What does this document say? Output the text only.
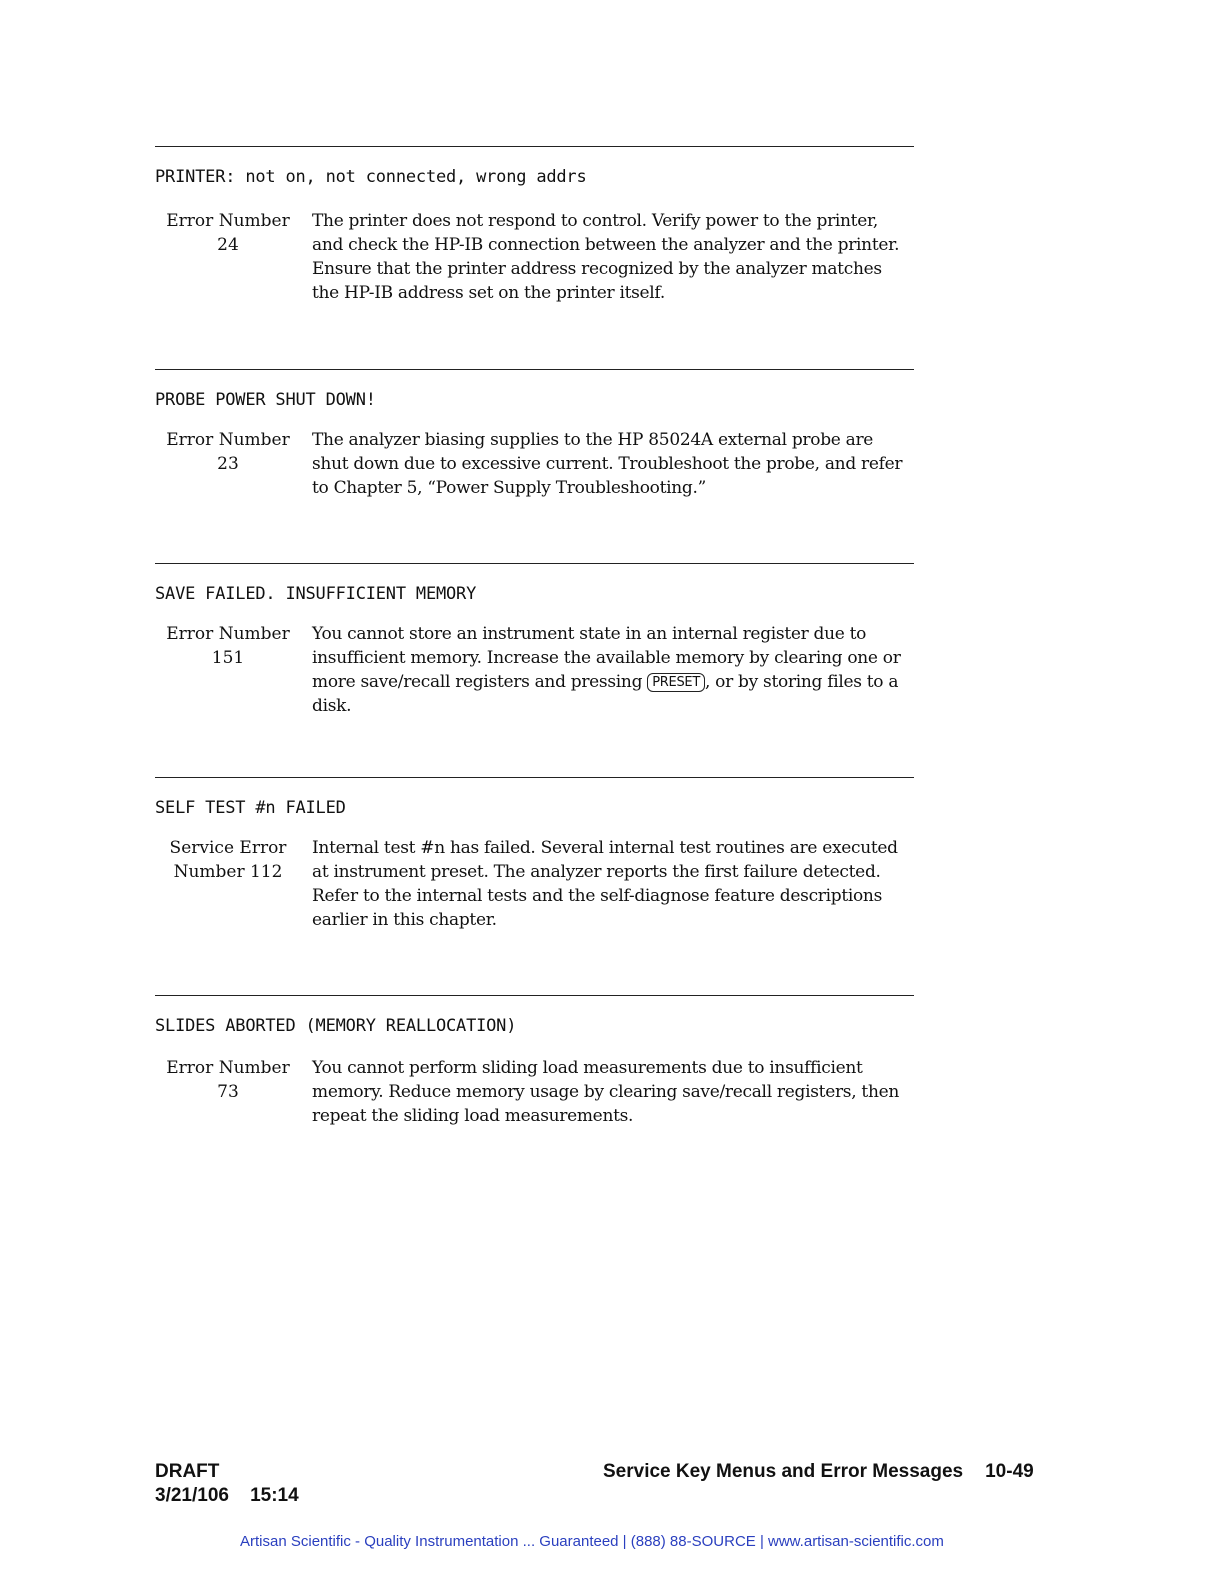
PRINTER: not on, not connected, wrong addrs
Error Number
24
The printer does not respond to control. Verify power to the printer, and check the HP-IB connection between the analyzer and the printer. Ensure that the printer address recognized by the analyzer matches the HP-IB address set on the printer itself.
PROBE POWER SHUT DOWN!
Error Number
23
The analyzer biasing supplies to the HP 85024A external probe are shut down due to excessive current. Troubleshoot the probe, and refer to Chapter 5, “Power Supply Troubleshooting.”
SAVE FAILED. INSUFFICIENT MEMORY
Error Number
151
You cannot store an instrument state in an internal register due to insufficient memory. Increase the available memory by clearing one or more save/recall registers and pressing PRESET , or by storing files to a disk.
SELF TEST #n FAILED
Service Error
Number 112
Internal test #n has failed. Several internal test routines are executed at instrument preset. The analyzer reports the first failure detected. Refer to the internal tests and the self-diagnose feature descriptions earlier in this chapter.
SLIDES ABORTED (MEMORY REALLOCATION)
Error Number
73
You cannot perform sliding load measurements due to insufficient memory. Reduce memory usage by clearing save/recall registers, then repeat the sliding load measurements.
DRAFT
3/21/106    15:14
Service Key Menus and Error Messages 10-49
Artisan Scientific - Quality Instrumentation ... Guaranteed | (888) 88-SOURCE | www.artisan-scientific.com
